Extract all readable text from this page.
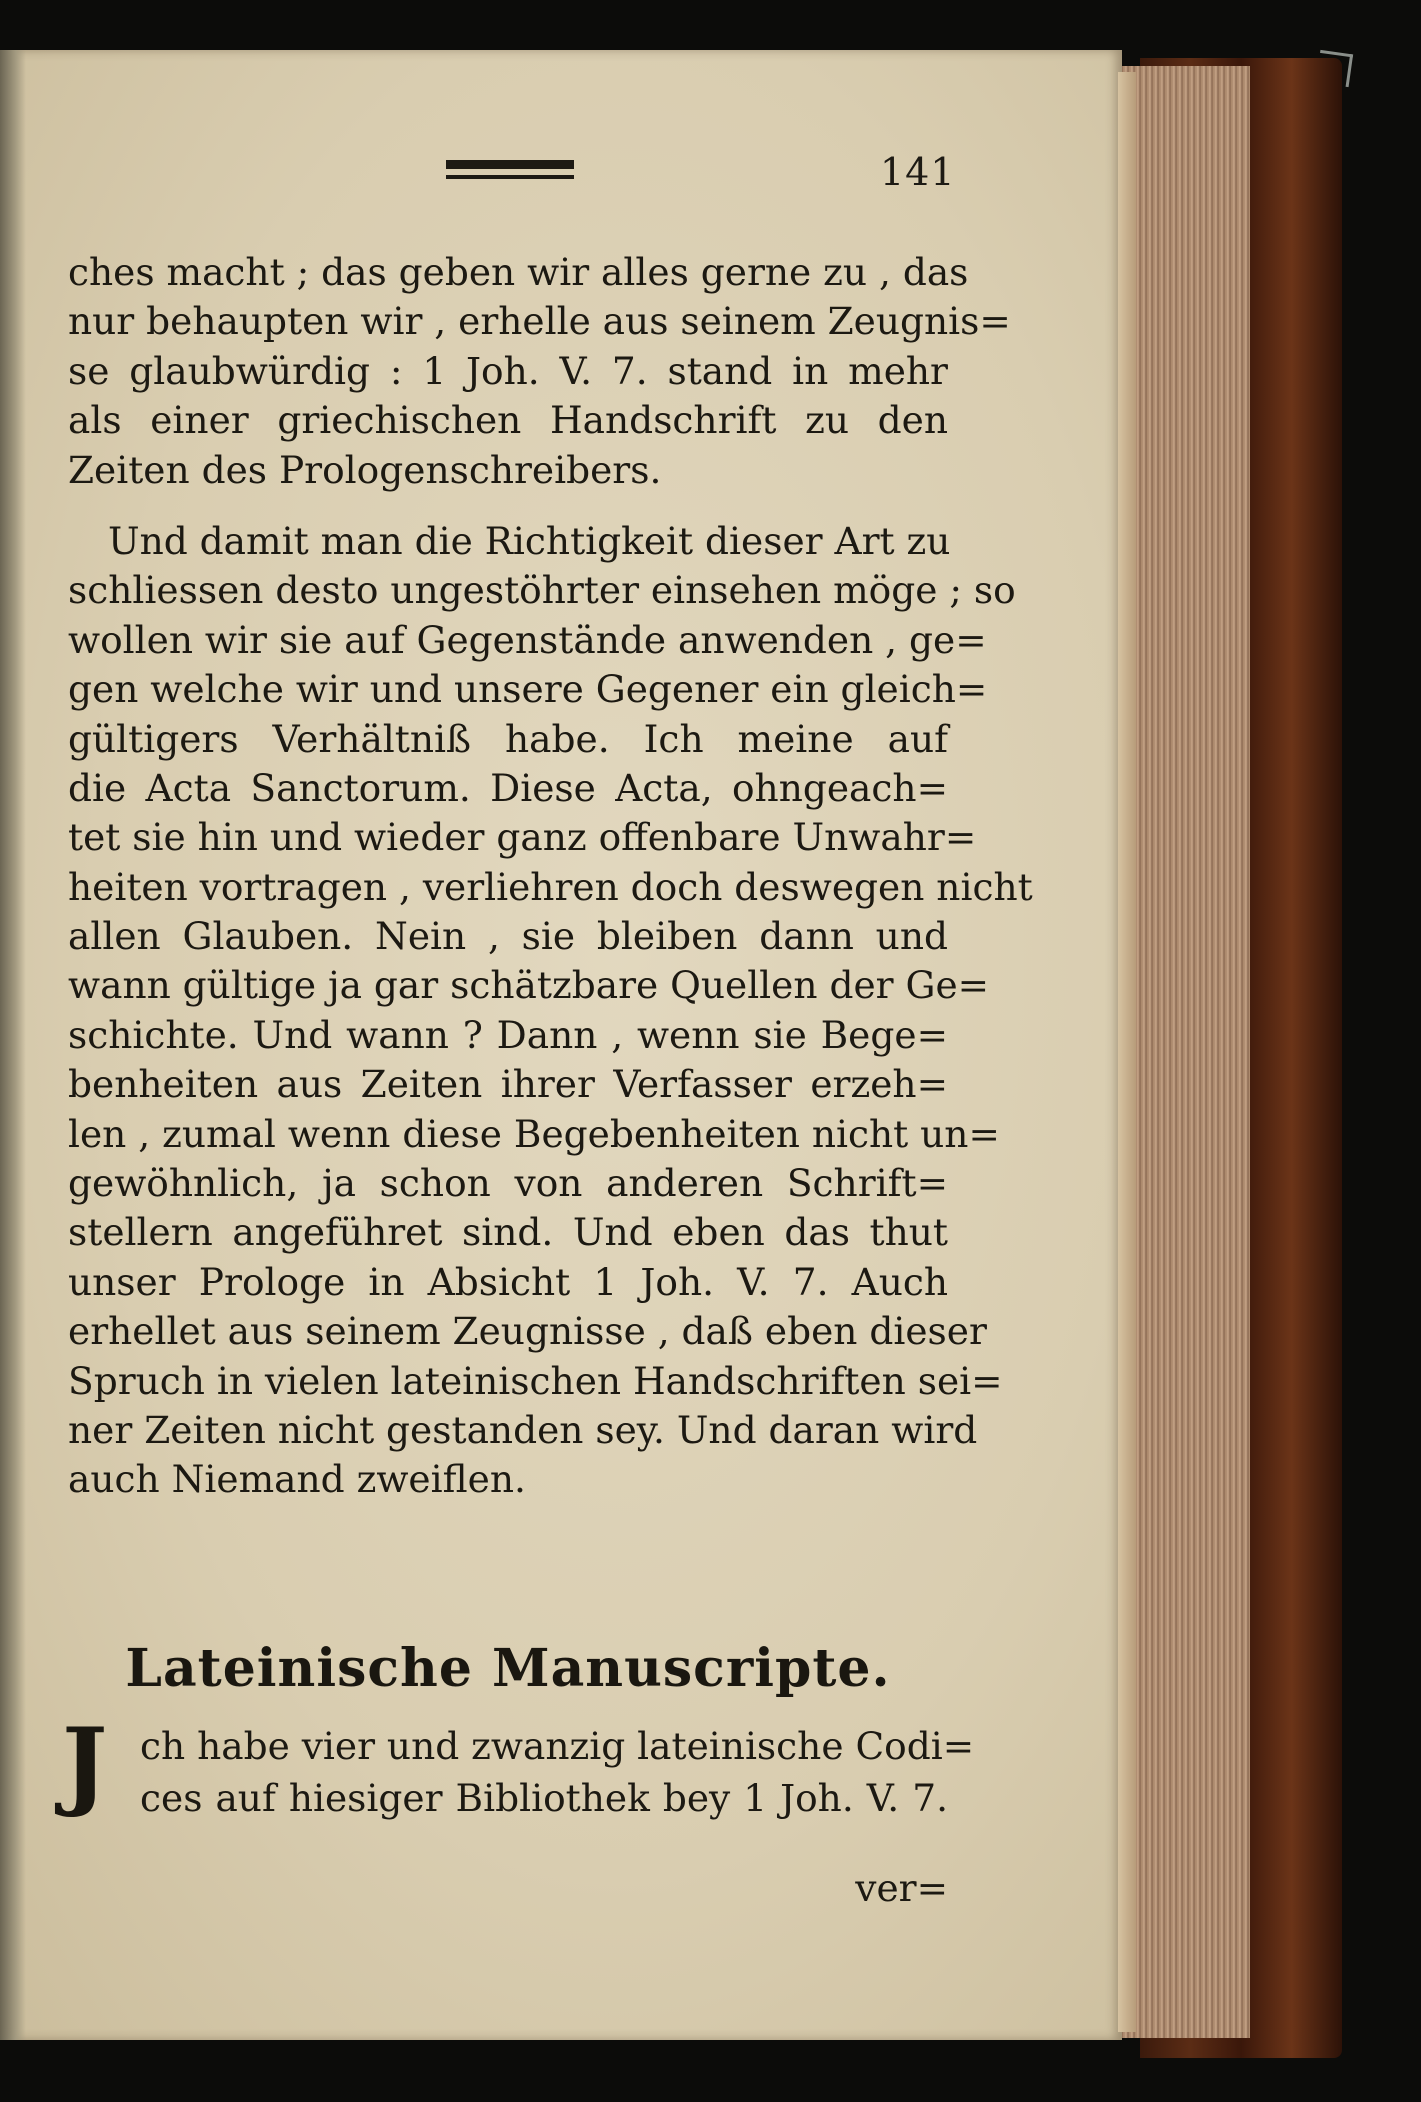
141
ches macht ; das geben wir alles gerne zu , das
nur behaupten wir , erhelle aus seinem Zeugnis=
se glaubwürdig : 1 Joh. V. 7. stand in mehr
als einer griechischen Handschrift zu den
Zeiten des Prologenschreibers.
Und damit man die Richtigkeit dieser Art zu
schliessen desto ungestöhrter einsehen möge ; so
wollen wir sie auf Gegenstände anwenden , ge=
gen welche wir und unsere Gegener ein gleich=
gültigers Verhältniß habe. Ich meine auf
die Acta Sanctorum. Diese Acta, ohngeach=
tet sie hin und wieder ganz offenbare Unwahr=
heiten vortragen , verliehren doch deswegen nicht
allen Glauben. Nein , sie bleiben dann und
wann gültige ja gar schätzbare Quellen der Ge=
schichte. Und wann ? Dann , wenn sie Bege=
benheiten aus Zeiten ihrer Verfasser erzeh=
len , zumal wenn diese Begebenheiten nicht un=
gewöhnlich, ja schon von anderen Schrift=
stellern angeführet sind. Und eben das thut
unser Prologe in Absicht 1 Joh. V. 7. Auch
erhellet aus seinem Zeugnisse , daß eben dieser
Spruch in vielen lateinischen Handschriften sei=
ner Zeiten nicht gestanden sey. Und daran wird
auch Niemand zweiflen.
Lateinische Manuscripte.
J ch habe vier und zwanzig lateinische Codi=
ces auf hiesiger Bibliothek bey 1 Joh. V. 7.
ver=
